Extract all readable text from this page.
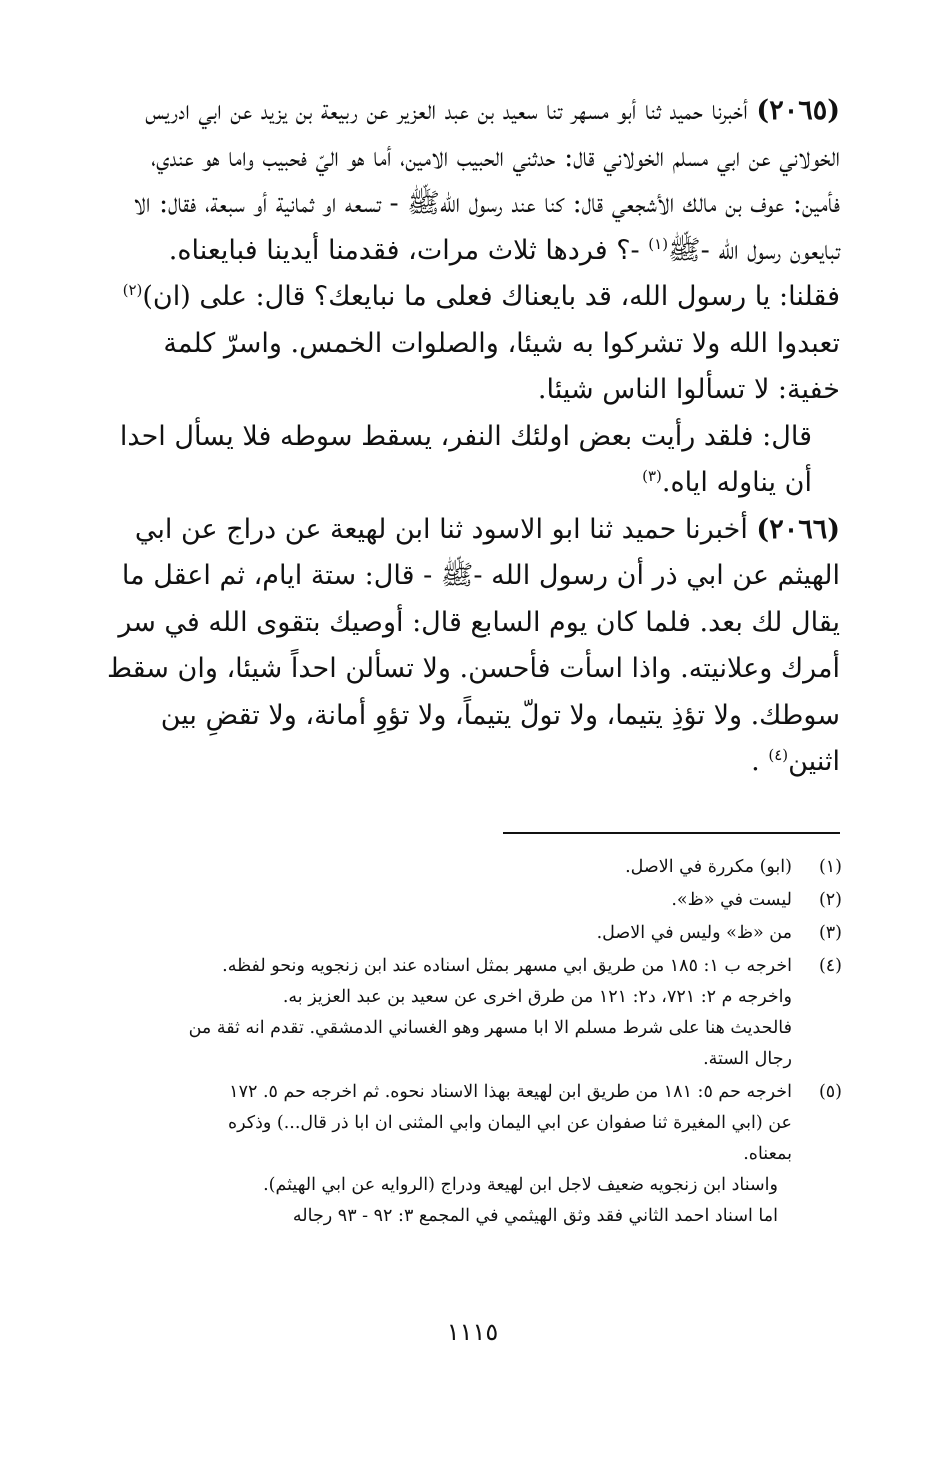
(٢٠٦٥) أخبرنا حميد ثنا أبو مسهر تنا سعيد بن عبد العزير عن ربيعة بن يزيد عن ابي ادريس الخولاني عن ابي مسلم الخولاني قال: حدثني الحبيب الامين، أما هو اليّ فحبيب واما هو عندي، فأمين: عوف بن مالك الأشجعي قال: كنا عند رسول اللهﷺ - تسعه او ثمانية أو سبعة، فقال: الا تبايعون رسول الله -ﷺ$^{(١)}$ -؟ فردها ثلاث مرات، فقدمنا أيدينا فبايعناه. فقلنا: يا رسول الله، قد بايعناك فعلى ما نبايعك؟ قال: على (ان)$^{(٢)}$ تعبدوا الله ولا تشركوا به شيئا، والصلوات الخمس. واسرّ كلمة خفية: لا تسألوا الناس شيئا.

قال: فلقد رأيت بعض اولئك النفر، يسقط سوطه فلا يسأل احدا أن يناوله اياه.$^{(٣)}$

(٢٠٦٦) أخبرنا حميد ثنا ابو الاسود ثنا ابن لهيعة عن دراج عن ابي الهيثم عن ابي ذر أن رسول الله -ﷺ - قال: ستة ايام، ثم اعقل ما يقال لك بعد. فلما كان يوم السابع قال: أوصيك بتقوى الله في سر أمرك وعلانيته. واذا اسأت فأحسن. ولا تسألن احداً شيئا، وان سقط سوطك. ولا تؤذِ يتيما، ولا تولّ يتيماً، ولا تؤوِ أمانة، ولا تقضِ بين اثنين$^{(٤)}$ .

(١)
(ابو) مكررة في الاصل.
(٢)
ليست في «ظ».
(٣)
من «ظ» وليس في الاصل.
(٤)
اخرجه ب ١: ١٨٥ من طريق ابي مسهر بمثل اسناده عند ابن زنجويه ونحو لفظه.
واخرجه م ٢: ٧٢١، د٢: ١٢١ من طرق اخرى عن سعيد بن عبد العزيز به.
فالحديث هنا على شرط مسلم الا ابا مسهر وهو الغساني الدمشقي. تقدم انه ثقة من
رجال الستة.
(٥)
اخرجه حم ٥: ١٨١ من طريق ابن لهيعة بهذا الاسناد نحوه. ثم اخرجه حم ٥. ١٧٢
عن (ابي المغيرة ثنا صفوان عن ابي اليمان وابي المثنى ان ابا ذر قال...) وذكره
بمعناه.
واسناد ابن زنجويه ضعيف لاجل ابن لهيعة ودراج (الروايه عن ابي الهيثم).
اما اسناد احمد الثاني فقد وثق الهيثمي في المجمع ٣: ٩٢ - ٩٣ رجاله
١١١٥
